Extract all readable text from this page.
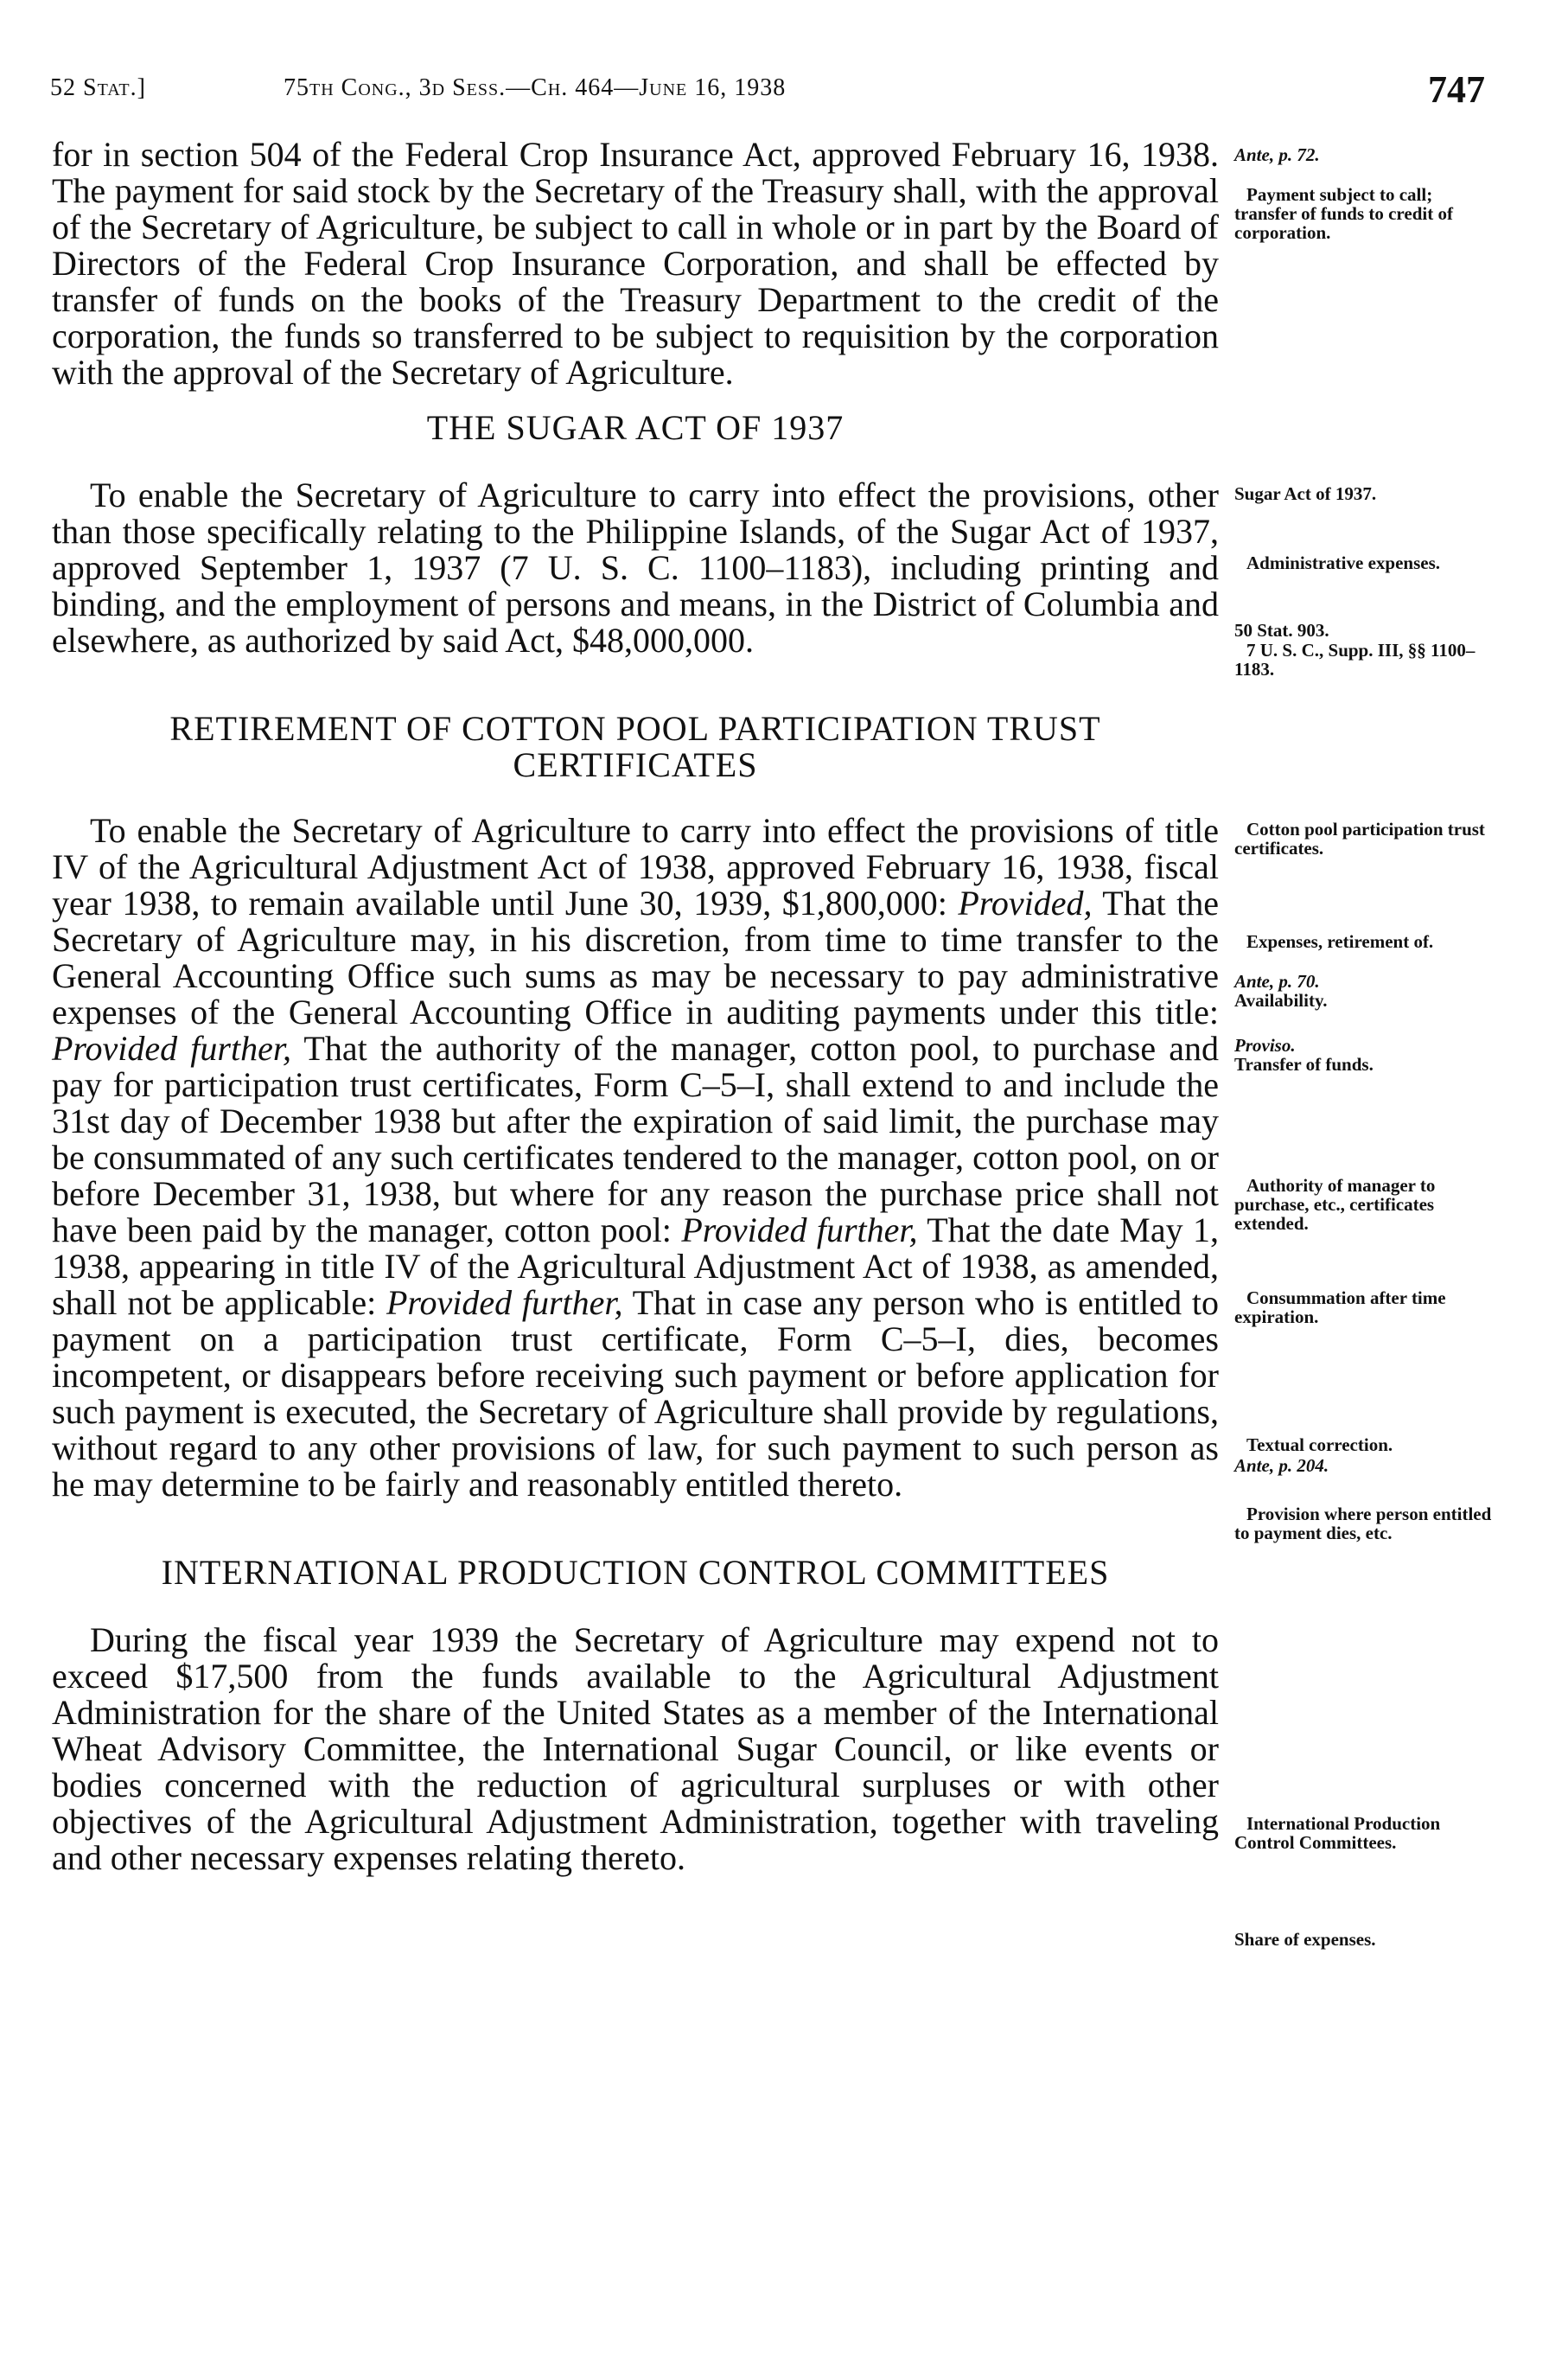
52 Stat.]	75th Cong., 3d Sess.—Ch. 464—June 16, 1938	747

for in section 504 of the Federal Crop Insurance Act, approved February 16, 1938. The payment for said stock by the Secretary of the Treasury shall, with the approval of the Secretary of Agriculture, be subject to call in whole or in part by the Board of Directors of the Federal Crop Insurance Corporation, and shall be effected by transfer of funds on the books of the Treasury Department to the credit of the corporation, the funds so transferred to be subject to requisition by the corporation with the approval of the Secretary of Agriculture.

THE SUGAR ACT OF 1937

To enable the Secretary of Agriculture to carry into effect the provisions, other than those specifically relating to the Philippine Islands, of the Sugar Act of 1937, approved September 1, 1937 (7 U. S. C. 1100–1183), including printing and binding, and the employment of persons and means, in the District of Columbia and elsewhere, as authorized by said Act, $48,000,000.

RETIREMENT OF COTTON POOL PARTICIPATION TRUST CERTIFICATES

To enable the Secretary of Agriculture to carry into effect the provisions of title IV of the Agricultural Adjustment Act of 1938, approved February 16, 1938, fiscal year 1938, to remain available until June 30, 1939, $1,800,000: Provided, That the Secretary of Agriculture may, in his discretion, from time to time transfer to the General Accounting Office such sums as may be necessary to pay administrative expenses of the General Accounting Office in auditing payments under this title: Provided further, That the authority of the manager, cotton pool, to purchase and pay for participation trust certificates, Form C–5–I, shall extend to and include the 31st day of December 1938 but after the expiration of said limit, the purchase may be consummated of any such certificates tendered to the manager, cotton pool, on or before December 31, 1938, but where for any reason the purchase price shall not have been paid by the manager, cotton pool: Provided further, That the date May 1, 1938, appearing in title IV of the Agricultural Adjustment Act of 1938, as amended, shall not be applicable: Provided further, That in case any person who is entitled to payment on a participation trust certificate, Form C–5–I, dies, becomes incompetent, or disappears before receiving such payment or before application for such payment is executed, the Secretary of Agriculture shall provide by regulations, without regard to any other provisions of law, for such payment to such person as he may determine to be fairly and reasonably entitled thereto.

INTERNATIONAL PRODUCTION CONTROL COMMITTEES

During the fiscal year 1939 the Secretary of Agriculture may expend not to exceed $17,500 from the funds available to the Agricultural Adjustment Administration for the share of the United States as a member of the International Wheat Advisory Committee, the International Sugar Council, or like events or bodies concerned with the reduction of agricultural surpluses or with other objectives of the Agricultural Adjustment Administration, together with traveling and other necessary expenses relating thereto.

Ante, p. 72.
Payment subject to call; transfer of funds to credit of corporation.
Sugar Act of 1937.
Administrative expenses.
50 Stat. 903.
7 U. S. C., Supp. III, §§ 1100–1183.
Cotton pool participation trust certificates.
Expenses, retirement of.
Ante, p. 70.
Availability.
Proviso.
Transfer of funds.
Authority of manager to purchase, etc., certificates extended.
Consummation after time expiration.
Textual correction.
Ante, p. 204.
Provision where person entitled to payment dies, etc.
International Production Control Committees.
Share of expenses.
